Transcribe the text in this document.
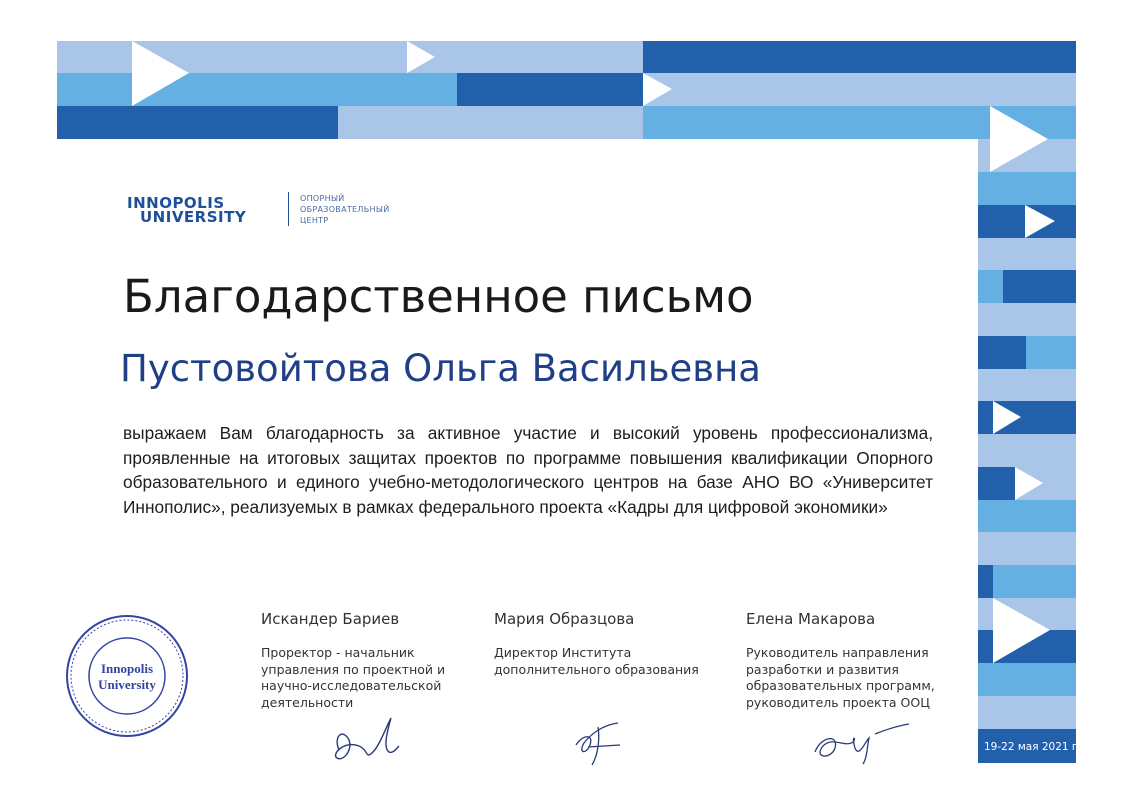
INNOPOLIS
UNIVERSITY
ОПОРНЫЙ
ОБРАЗОВАТЕЛЬНЫЙ
ЦЕНТР
Благодарственное письмо
Пустовойтова Ольга Васильевна
выражаем Вам благодарность за активное участие и высокий уровень профессионализма, проявленные на итоговых защитах проектов по программе повышения квалификации Опорного образовательного и единого учебно-методологического центров на базе АНО ВО «Университет Иннополис», реализуемых в рамках федерального проекта «Кадры для цифровой экономики»
Innopolis
University
Искандер Бариев
Проректор - начальник управления по проектной и научно-исследовательской деятельности
Мария Образцова
Директор Института дополнительного образования
Елена Макарова
Руководитель направления разработки и развития образовательных программ, руководитель проекта ООЦ
19-22 мая 2021 г.
